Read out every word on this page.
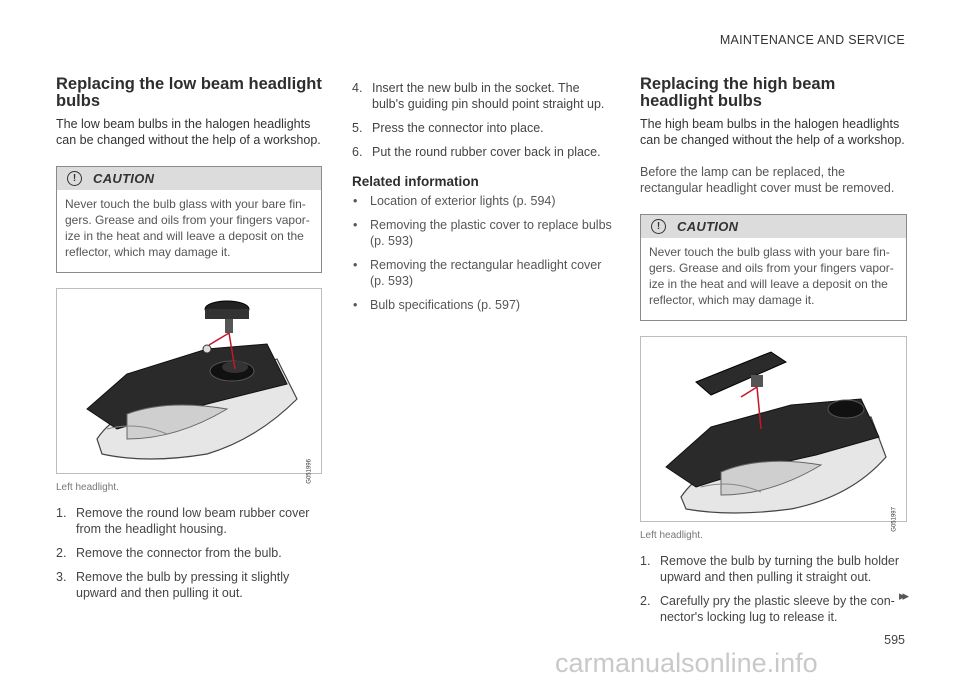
MAINTENANCE AND SERVICE
Replacing the low beam headlight bulbs

The low beam bulbs in the halogen headlights can be changed without the help of a workshop.

!	CAUTION
Never touch the bulb glass with your bare fin-gers. Grease and oils from your fingers vapor-ize in the heat and will leave a deposit on the reflector, which may damage it.
G051996
Left headlight.
1. Remove the round low beam rubber cover from the headlight housing.
2. Remove the connector from the bulb.
3. Remove the bulb by pressing it slightly upward and then pulling it out.
4. Insert the new bulb in the socket. The bulb's guiding pin should point straight up.
5. Press the connector into place.
6. Put the round rubber cover back in place.
Related information
• Location of exterior lights (p. 594)
• Removing the plastic cover to replace bulbs (p. 593)
• Removing the rectangular headlight cover (p. 593)
• Bulb specifications (p. 597)
Replacing the high beam headlight bulbs

The high beam bulbs in the halogen headlights can be changed without the help of a workshop.

Before the lamp can be replaced, the rectangular headlight cover must be removed.

!	CAUTION
Never touch the bulb glass with your bare fin-gers. Grease and oils from your fingers vapor-ize in the heat and will leave a deposit on the reflector, which may damage it.
G051997
Left headlight.
1. Remove the bulb by turning the bulb holder upward and then pulling it straight out.
2. Carefully pry the plastic sleeve by the con-nector's locking lug to release it.
▸▸
595
carmanualsonline.info
